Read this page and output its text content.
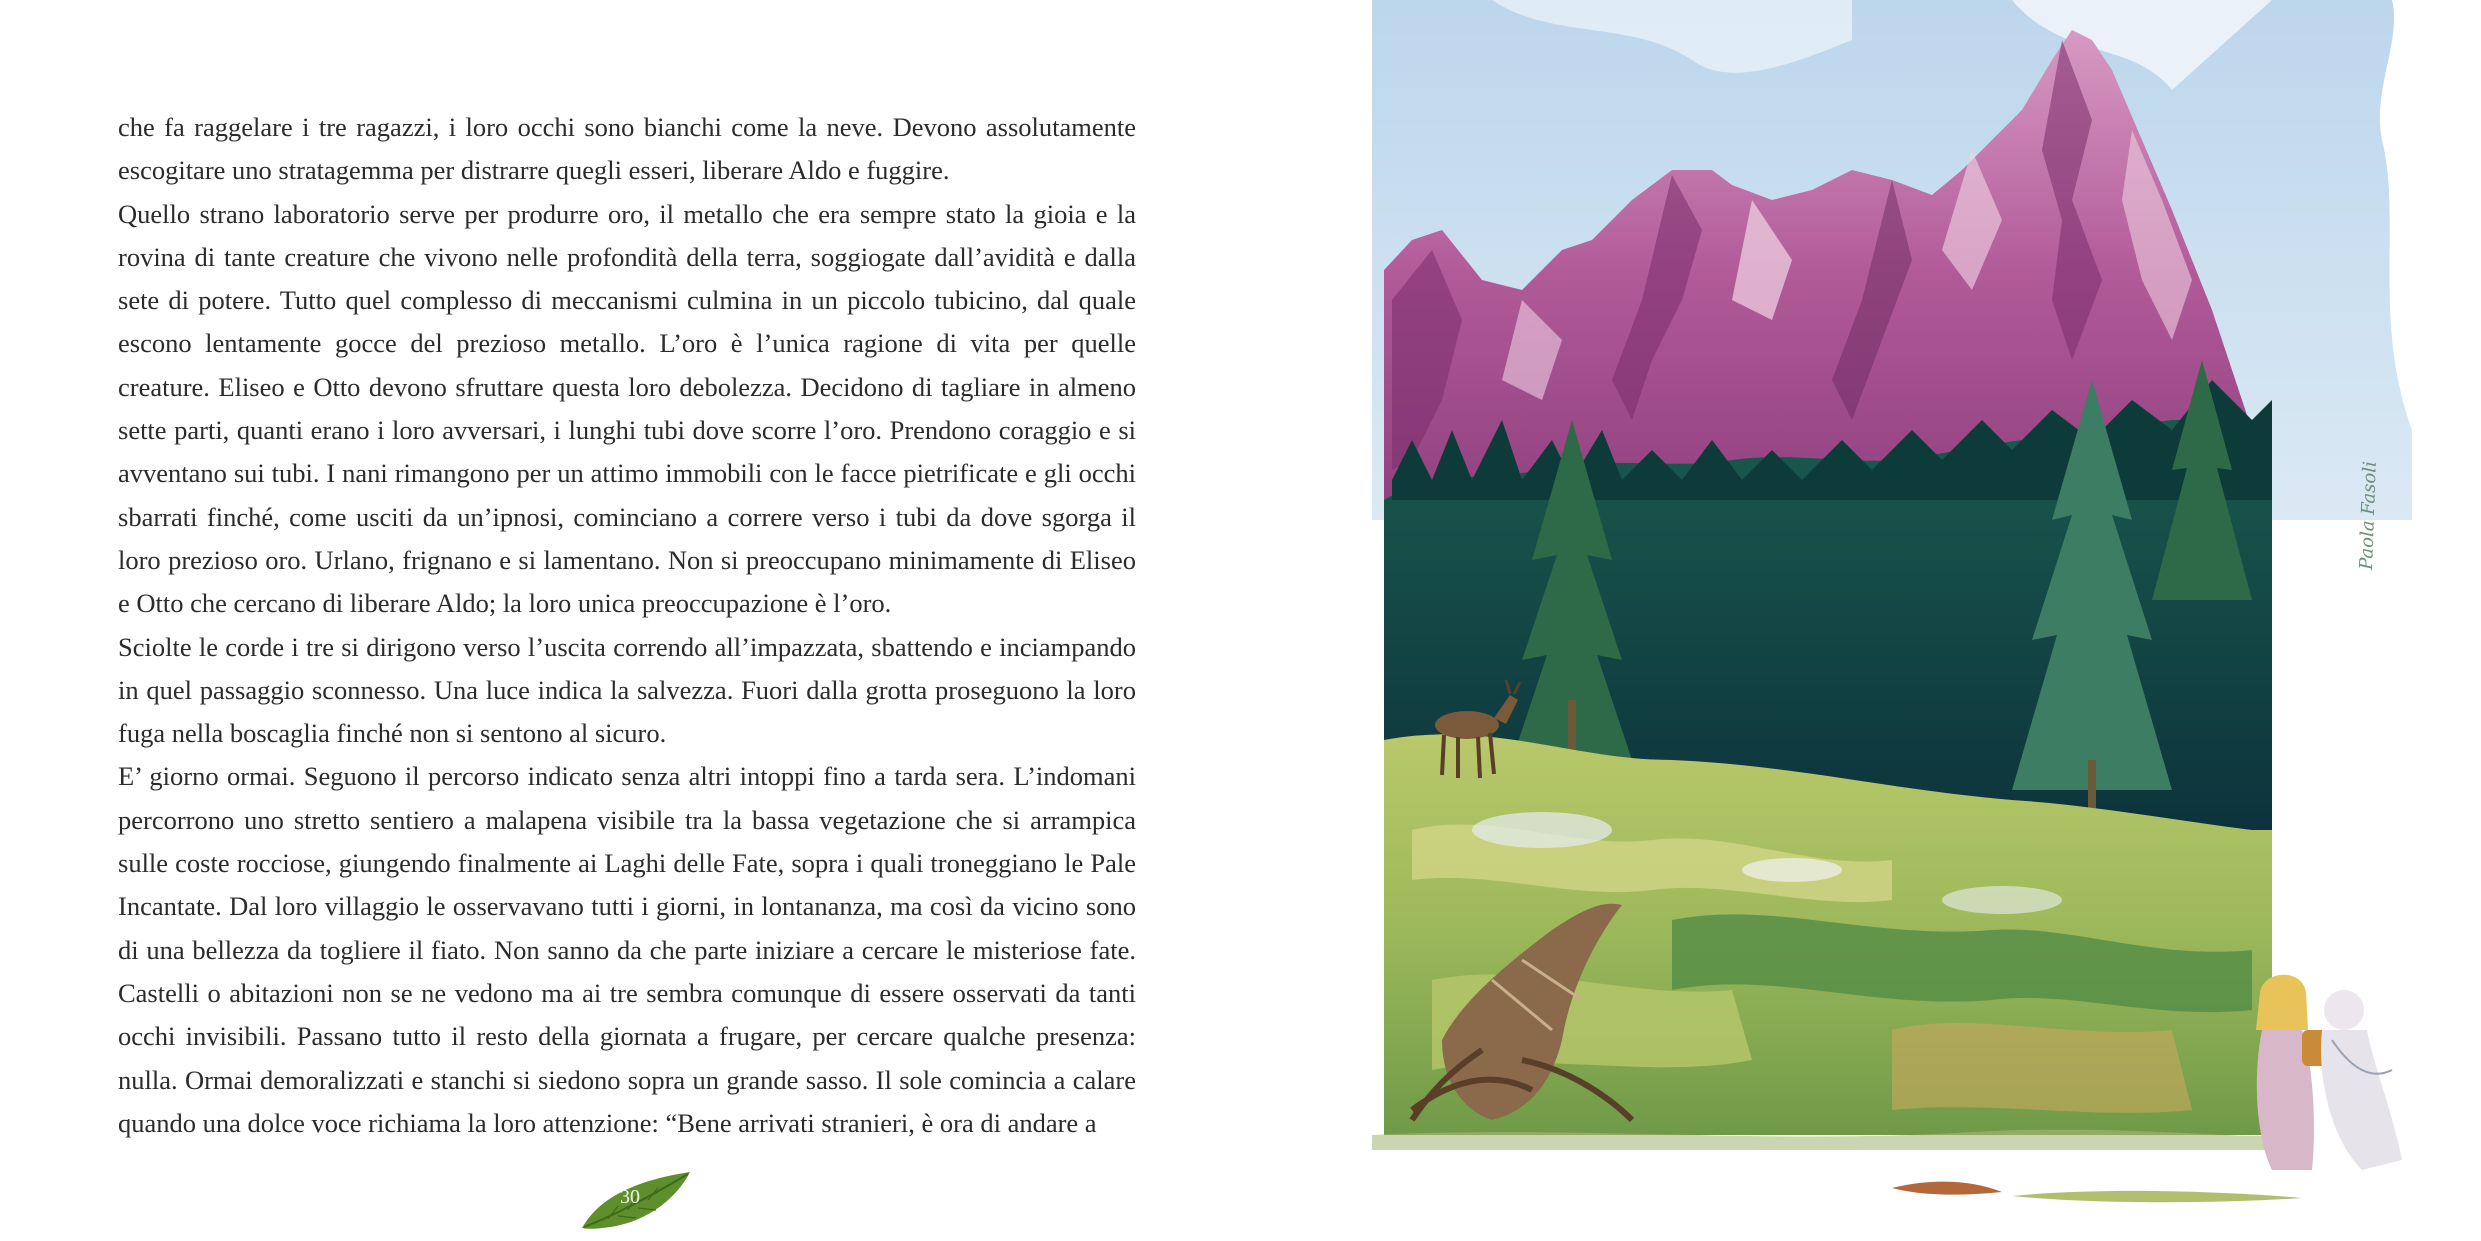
che fa raggelare i tre ragazzi, i loro occhi sono bianchi come la neve. Devono assolutamente escogitare uno stratagemma per distrarre quegli esseri, liberare Aldo e fuggire.

Quello strano laboratorio serve per produrre oro, il metallo che era sempre stato la gioia e la rovina di tante creature che vivono nelle profondità della terra, soggiogate dall’avidità e dalla sete di potere. Tutto quel complesso di meccanismi culmina in un piccolo tubicino, dal quale escono lentamente gocce del prezioso metallo. L’oro è l’unica ragione di vita per quelle creature. Eliseo e Otto devono sfruttare questa loro debolezza. Decidono di tagliare in almeno sette parti, quanti erano i loro avversari, i lunghi tubi dove scorre l’oro. Prendono coraggio e si avventano sui tubi. I nani rimangono per un attimo immobili con le facce pietrificate e gli occhi sbarrati finché, come usciti da un’ipnosi, cominciano a correre verso i tubi da dove sgorga il loro prezioso oro. Urlano, frignano e si lamentano. Non si preoccupano minimamente di Eliseo e Otto che cercano di liberare Aldo; la loro unica preoccupazione è l’oro.

Sciolte le corde i tre si dirigono verso l’uscita correndo all’impazzata, sbattendo e inciampando in quel passaggio sconnesso. Una luce indica la salvezza. Fuori dalla grotta proseguono la loro fuga nella boscaglia finché non si sentono al sicuro.

E’ giorno ormai. Seguono il percorso indicato senza altri intoppi fino a tarda sera. L’indomani percorrono uno stretto sentiero a malapena visibile tra la bassa vegetazione che si arrampica sulle coste rocciose, giungendo finalmente ai Laghi delle Fate, sopra i quali troneggiano le Pale Incantate. Dal loro villaggio le osservavano tutti i giorni, in lontananza, ma così da vicino sono di una bellezza da togliere il fiato. Non sanno da che parte iniziare a cercare le misteriose fate. Castelli o abitazioni non se ne vedono ma ai tre sembra comunque di essere osservati da tanti occhi invisibili. Passano tutto il resto della giornata a frugare, per cercare qualche presenza: nulla. Ormai demoralizzati e stanchi si siedono sopra un grande sasso. Il sole comincia a calare quando una dolce voce richiama la loro attenzione: “Bene arrivati stranieri, è ora di andare a

30
Paola Fasoli
